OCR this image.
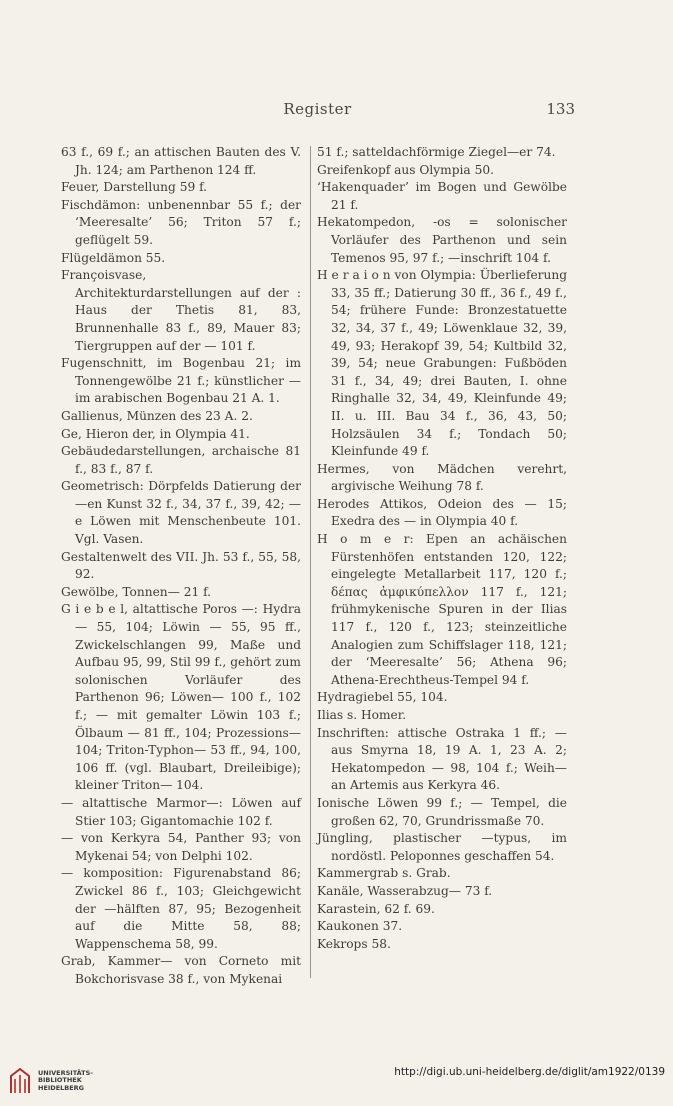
Register	133

63 f., 69 f.; an attischen Bauten des V. Jh. 124; am Parthenon 124 ff.

Feuer, Darstellung 59 f.

Fischdämon: unbenennbar 55 f.; der ‘Meeresalte’ 56; Triton 57 f.; geflügelt 59.

Flügeldämon 55.

Françoisvase, Architekturdarstellungen auf der : Haus der Thetis 81, 83, Brunnenhalle 83 f., 89, Mauer 83; Tiergruppen auf der — 101 f.

Fugenschnitt, im Bogenbau 21; im Tonnengewölbe 21 f.; künstlicher — im arabischen Bogenbau 21 A. 1.

Gallienus, Münzen des 23 A. 2.

Ge, Hieron der, in Olympia 41.

Gebäudedarstellungen, archaische 81 f., 83 f., 87 f.

Geometrisch: Dörpfelds Datierung der —en Kunst 32 f., 34, 37 f., 39, 42; —e Löwen mit Menschenbeute 101. Vgl. Vasen.

Gestaltenwelt des VII. Jh. 53 f., 55, 58, 92.

Gewölbe, Tonnen— 21 f.

G i e b e l, altattische Poros —: Hydra— 55, 104; Löwin — 55, 95 ff., Zwickelschlangen 99, Maße und Aufbau 95, 99, Stil 99 f., gehört zum solonischen Vorläufer des Parthenon 96; Löwen— 100 f., 102 f.; — mit gemalter Löwin 103 f.; Ölbaum — 81 ff., 104; Prozessions— 104; Triton-Typhon— 53 ff., 94, 100, 106 ff. (vgl. Blaubart, Dreileibige); kleiner Triton— 104.

— altattische Marmor—: Löwen auf Stier 103; Gigantomachie 102 f.

— von Kerkyra 54, Panther 93; von Mykenai 54; von Delphi 102.

— komposition: Figurenabstand 86; Zwickel 86 f., 103; Gleichgewicht der —hälften 87, 95; Bezogenheit auf die Mitte 58, 88; Wappenschema 58, 99.

Grab, Kammer— von Corneto mit Bokchorisvase 38 f., von Mykenai

51 f.; satteldachförmige Ziegel—er 74.

Greifenkopf aus Olympia 50.

‘Hakenquader’ im Bogen und Gewölbe 21 f.

Hekatompedon, -os = solonischer Vorläufer des Parthenon und sein Temenos 95, 97 f.; —inschrift 104 f.

H e r a i o n von Olympia: Überlieferung 33, 35 ff.; Datierung 30 ff., 36 f., 49 f., 54; frühere Funde: Bronzestatuette 32, 34, 37 f., 49; Löwenklaue 32, 39, 49, 93; Herakopf 39, 54; Kultbild 32, 39, 54; neue Grabungen: Fußböden 31 f., 34, 49; drei Bauten, I. ohne Ringhalle 32, 34, 49, Kleinfunde 49; II. u. III. Bau 34 f., 36, 43, 50; Holzsäulen 34 f.; Tondach 50; Kleinfunde 49 f.

Hermes, von Mädchen verehrt, argivische Weihung 78 f.

Herodes Attikos, Odeion des — 15; Exedra des — in Olympia 40 f.

H o m e r: Epen an achäischen Fürstenhöfen entstanden 120, 122; eingelegte Metallarbeit 117, 120 f.; δέπας ἀμφικύπελλον 117 f., 121; frühmykenische Spuren in der Ilias 117 f., 120 f., 123; steinzeitliche Analogien zum Schiffslager 118, 121; der ‘Meeresalte’ 56; Athena 96; Athena-Erechtheus-Tempel 94 f.

Hydragiebel 55, 104.

Ilias s. Homer.

Inschriften: attische Ostraka 1 ff.; — aus Smyrna 18, 19 A. 1, 23 A. 2; Hekatompedon — 98, 104 f.; Weih— an Artemis aus Kerkyra 46.

Ionische Löwen 99 f.; — Tempel, die großen 62, 70, Grundrissmaße 70.

Jüngling, plastischer —typus, im nordöstl. Peloponnes geschaffen 54.

Kammergrab s. Grab.

Kanäle, Wasserabzug— 73 f.

Karastein, 62 f. 69.

Kaukonen 37.

Kekrops 58.

UNIVERSITÄTS-
BIBLIOTHEK
HEIDELBERG
http://digi.ub.uni-heidelberg.de/diglit/am1922/0139
